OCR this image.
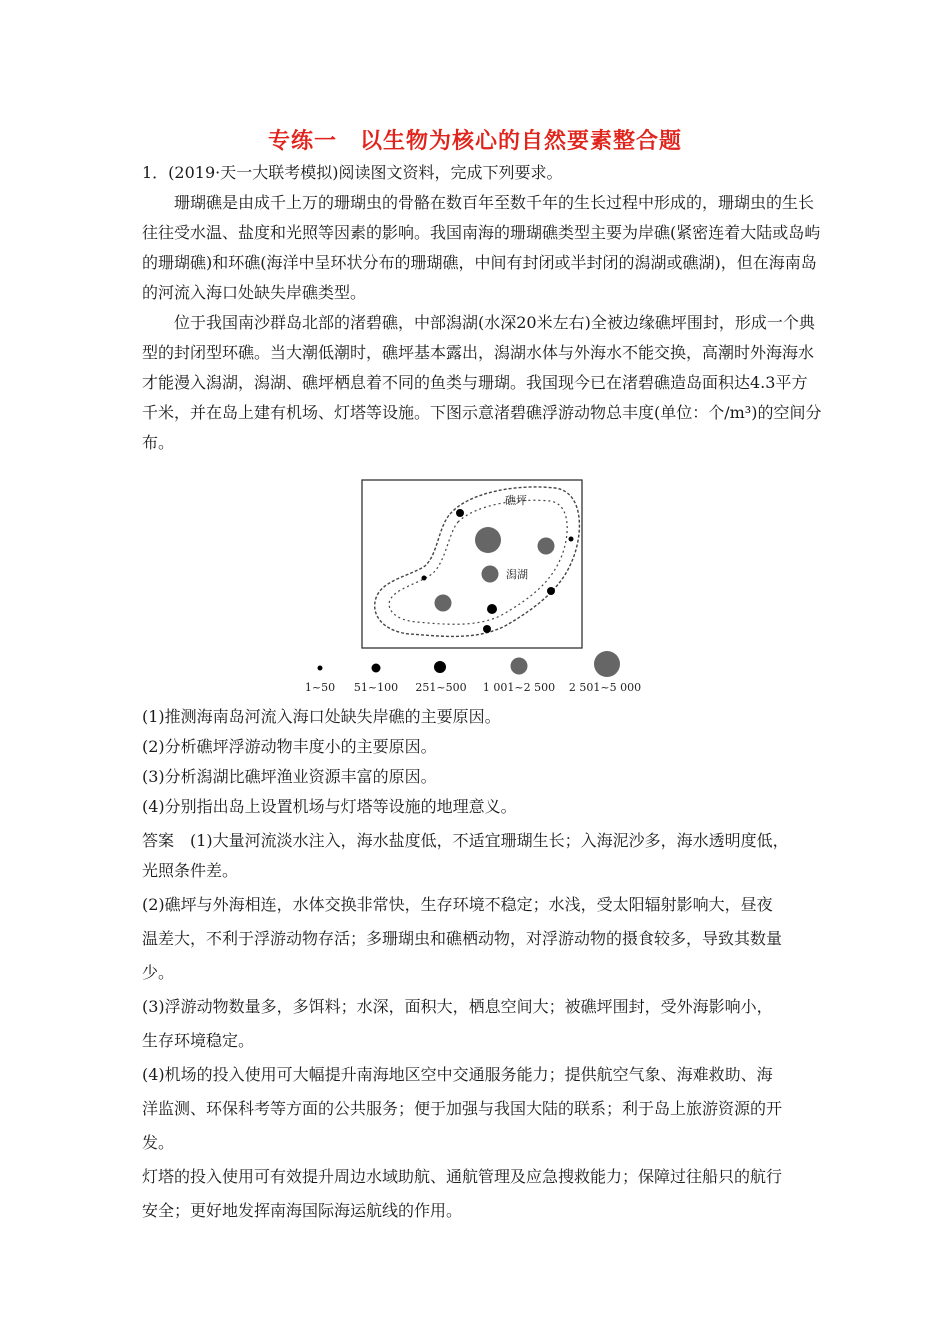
专练一　以生物为核心的自然要素整合题

1．(2019·天一大联考模拟)阅读图文资料，完成下列要求。

珊瑚礁是由成千上万的珊瑚虫的骨骼在数百年至数千年的生长过程中形成的，珊瑚虫的生长往往受水温、盐度和光照等因素的影响。我国南海的珊瑚礁类型主要为岸礁(紧密连着大陆或岛屿的珊瑚礁)和环礁(海洋中呈环状分布的珊瑚礁，中间有封闭或半封闭的潟湖或礁湖)，但在海南岛的河流入海口处缺失岸礁类型。

位于我国南沙群岛北部的渚碧礁，中部潟湖(水深20米左右)全被边缘礁坪围封，形成一个典型的封闭型环礁。当大潮低潮时，礁坪基本露出，潟湖水体与外海水不能交换，高潮时外海海水才能漫入潟湖，潟湖、礁坪栖息着不同的鱼类与珊瑚。我国现今已在渚碧礁造岛面积达4.3平方千米，并在岛上建有机场、灯塔等设施。下图示意渚碧礁浮游动物总丰度(单位：个/m³)的空间分布。

礁坪
潟湖
1~50 51~100 251~500 1 001~2 500 2 501~5 000

(1)推测海南岛河流入海口处缺失岸礁的主要原因。

(2)分析礁坪浮游动物丰度小的主要原因。

(3)分析潟湖比礁坪渔业资源丰富的原因。

(4)分别指出岛上设置机场与灯塔等设施的地理意义。

答案　(1)大量河流淡水注入，海水盐度低，不适宜珊瑚生长；入海泥沙多，海水透明度低，
光照条件差。
(2)礁坪与外海相连，水体交换非常快，生存环境不稳定；水浅，受太阳辐射影响大，昼夜
温差大，不利于浮游动物存活；多珊瑚虫和礁栖动物，对浮游动物的摄食较多，导致其数量
少。
(3)浮游动物数量多，多饵料；水深，面积大，栖息空间大；被礁坪围封，受外海影响小，
生存环境稳定。
(4)机场的投入使用可大幅提升南海地区空中交通服务能力；提供航空气象、海难救助、海
洋监测、环保科考等方面的公共服务；便于加强与我国大陆的联系；利于岛上旅游资源的开
发。
灯塔的投入使用可有效提升周边水域助航、通航管理及应急搜救能力；保障过往船只的航行
安全；更好地发挥南海国际海运航线的作用。
